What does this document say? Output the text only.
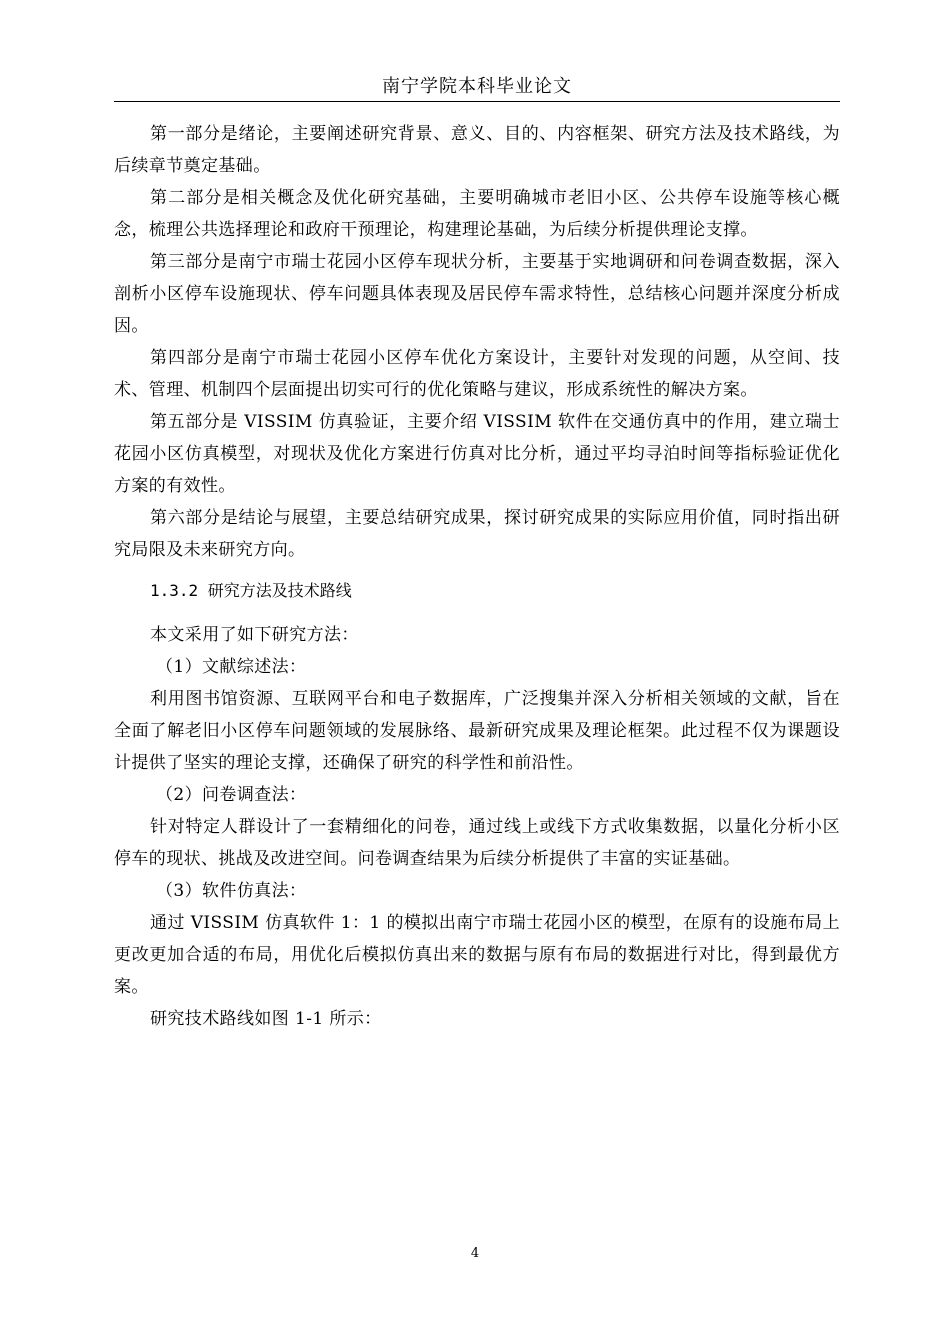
南宁学院本科毕业论文

第一部分是绪论，主要阐述研究背景、意义、目的、内容框架、研究方法及技术路线，为后续章节奠定基础。

第二部分是相关概念及优化研究基础，主要明确城市老旧小区、公共停车设施等核心概念，梳理公共选择理论和政府干预理论，构建理论基础，为后续分析提供理论支撑。

第三部分是南宁市瑞士花园小区停车现状分析，主要基于实地调研和问卷调查数据，深入剖析小区停车设施现状、停车问题具体表现及居民停车需求特性，总结核心问题并深度分析成因。

第四部分是南宁市瑞士花园小区停车优化方案设计，主要针对发现的问题，从空间、技术、管理、机制四个层面提出切实可行的优化策略与建议，形成系统性的解决方案。

第五部分是 VISSIM 仿真验证，主要介绍 VISSIM 软件在交通仿真中的作用，建立瑞士花园小区仿真模型，对现状及优化方案进行仿真对比分析，通过平均寻泊时间等指标验证优化方案的有效性。

第六部分是结论与展望，主要总结研究成果，探讨研究成果的实际应用价值，同时指出研究局限及未来研究方向。

1.3.2 研究方法及技术路线

本文采用了如下研究方法：

（1）文献综述法：

利用图书馆资源、互联网平台和电子数据库，广泛搜集并深入分析相关领域的文献，旨在全面了解老旧小区停车问题领域的发展脉络、最新研究成果及理论框架。此过程不仅为课题设计提供了坚实的理论支撑，还确保了研究的科学性和前沿性。

（2）问卷调查法：

针对特定人群设计了一套精细化的问卷，通过线上或线下方式收集数据，以量化分析小区停车的现状、挑战及改进空间。问卷调查结果为后续分析提供了丰富的实证基础。

（3）软件仿真法：

通过 VISSIM 仿真软件 1：1 的模拟出南宁市瑞士花园小区的模型，在原有的设施布局上更改更加合适的布局，用优化后模拟仿真出来的数据与原有布局的数据进行对比，得到最优方案。

研究技术路线如图 1-1 所示：

4
